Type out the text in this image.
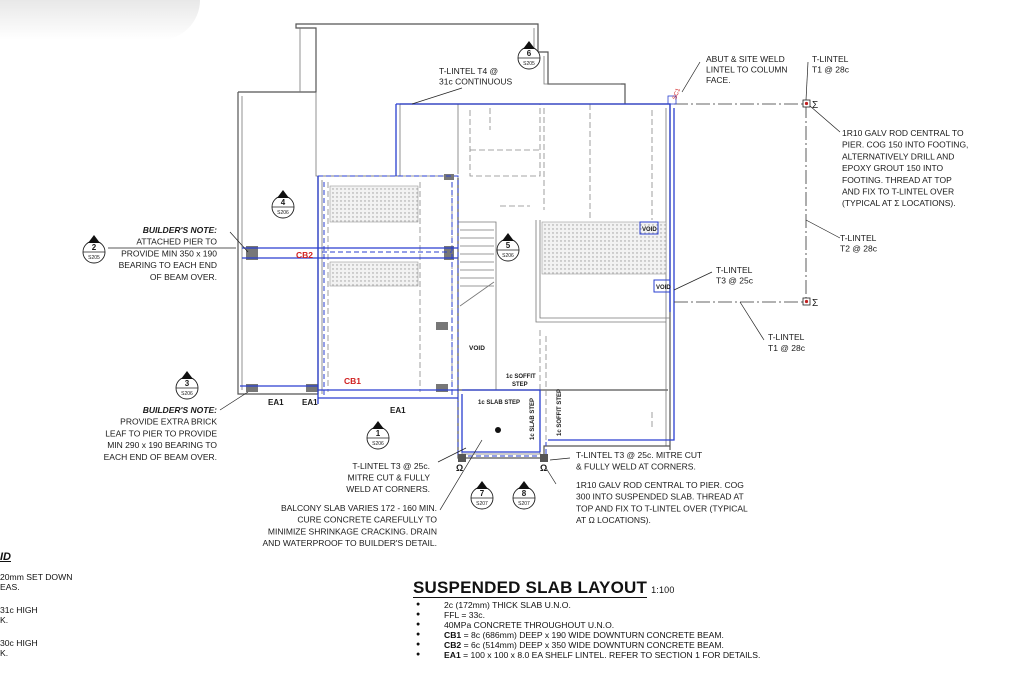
6
S205
4
S206
2
S205
5
S206
3
S206
1
S206
7
S207
8
S207
T-LINTEL T4 @
31c CONTINUOUS
ABUT & SITE WELD
LINTEL TO COLUMN
FACE.
T-LINTEL
T1 @ 28c
1R10 GALV ROD CENTRAL TO
PIER. COG 150 INTO FOOTING,
ALTERNATIVELY DRILL AND
EPOXY GROUT 150 INTO
FOOTING. THREAD AT TOP
AND FIX TO T-LINTEL OVER
(TYPICAL AT Σ LOCATIONS).
T-LINTEL
T2 @ 28c
T-LINTEL
T3 @ 25c
T-LINTEL
T1 @ 28c
BUILDER'S NOTE:
ATTACHED PIER TO
PROVIDE MIN 350 x 190
BEARING TO EACH END
OF BEAM OVER.
BUILDER'S NOTE:
PROVIDE EXTRA BRICK
LEAF TO PIER TO PROVIDE
MIN 290 x 190 BEARING TO
EACH END OF BEAM OVER.
T-LINTEL T3 @ 25c.
MITRE CUT & FULLY
WELD AT CORNERS.
T-LINTEL T3 @ 25c. MITRE CUT
& FULLY WELD AT CORNERS.
1R10 GALV ROD CENTRAL TO PIER. COG
300 INTO SUSPENDED SLAB. THREAD AT
TOP AND FIX TO T-LINTEL OVER (TYPICAL
AT Ω LOCATIONS).
BALCONY SLAB VARIES 172 - 160 MIN.
CURE CONCRETE CAREFULLY TO
MINIMIZE SHRINKAGE CRACKING. DRAIN
AND WATERPROOF TO BUILDER'S DETAIL.
CB2
CB1
EA1 EA1
EA1
VOID
VOID
VOID
1c SOFFIT
STEP
1c SLAB STEP 1c SLAB STEP	1c SOFFIT STEP
Σ
Σ
Ω	Ω
SC1
SUSPENDED SLAB LAYOUT 1:100
● 2c (172mm) THICK SLAB U.N.O.
● FFL = 33c.
● 40MPa CONCRETE THROUGHOUT U.N.O.
● CB1 = 8c (686mm) DEEP x 190 WIDE DOWNTURN CONCRETE BEAM.
● CB2 = 6c (514mm) DEEP x 350 WIDE DOWNTURN CONCRETE BEAM.
● EA1 = 100 x 100 x 8.0 EA SHELF LINTEL. REFER TO SECTION 1 FOR DETAILS.
ID
20mm SET DOWN
EAS.
31c HIGH
K.
30c HIGH
K.
